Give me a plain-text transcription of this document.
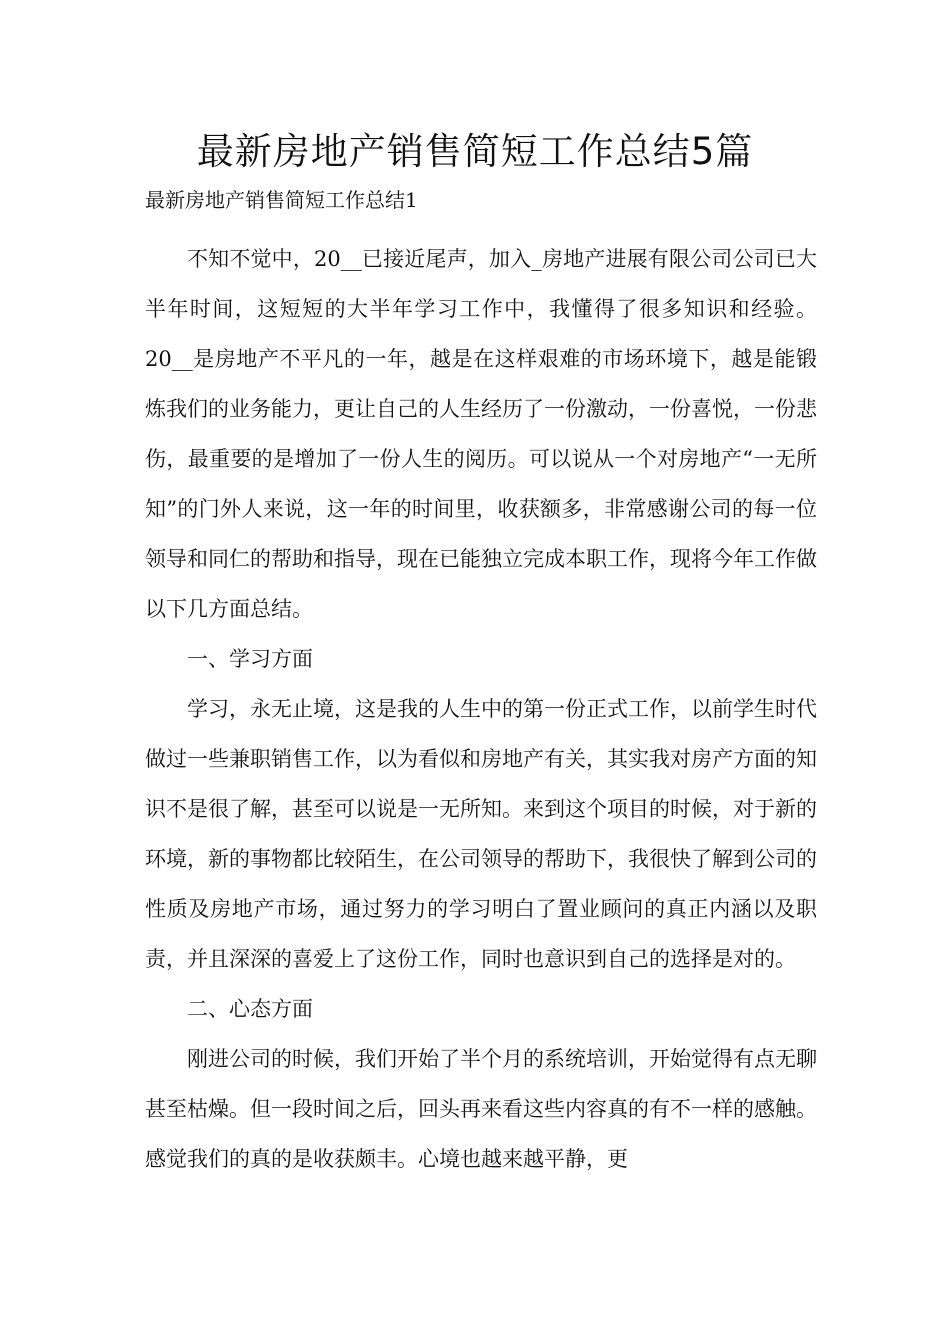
最新房地产销售简短工作总结5篇

最新房地产销售简短工作总结1

不知不觉中，20__已接近尾声，加入_房地产进展有限公司公司已大半年时间，这短短的大半年学习工作中，我懂得了很多知识和经验。20__是房地产不平凡的一年，越是在这样艰难的市场环境下，越是能锻炼我们的业务能力，更让自己的人生经历了一份激动，一份喜悦，一份悲伤，最重要的是增加了一份人生的阅历。可以说从一个对房地产“一无所知”的门外人来说，这一年的时间里，收获额多，非常感谢公司的每一位领导和同仁的帮助和指导，现在已能独立完成本职工作，现将今年工作做以下几方面总结。

一、学习方面

学习，永无止境，这是我的人生中的第一份正式工作，以前学生时代做过一些兼职销售工作，以为看似和房地产有关，其实我对房产方面的知识不是很了解，甚至可以说是一无所知。来到这个项目的时候，对于新的环境，新的事物都比较陌生，在公司领导的帮助下，我很快了解到公司的性质及房地产市场，通过努力的学习明白了置业顾问的真正内涵以及职责，并且深深的喜爱上了这份工作，同时也意识到自己的选择是对的。

二、心态方面

刚进公司的时候，我们开始了半个月的系统培训，开始觉得有点无聊甚至枯燥。但一段时间之后，回头再来看这些内容真的有不一样的感触。感觉我们的真的是收获颇丰。心境也越来越平静，更
